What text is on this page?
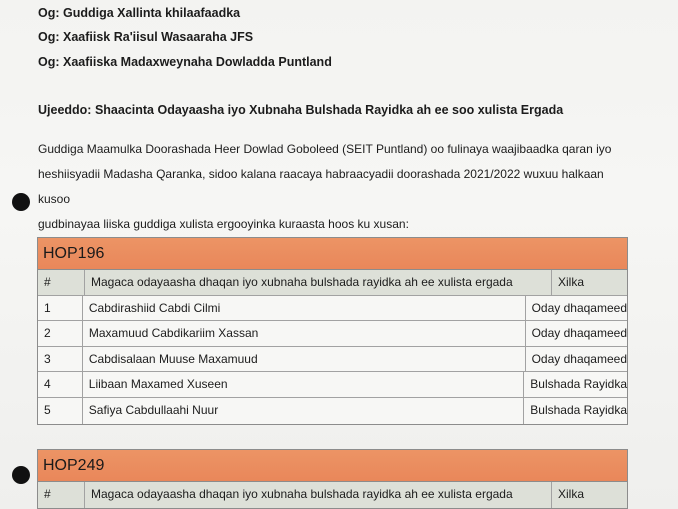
Og: Guddiga Xallinta khilaafaadka
Og: Xaafiisk Ra'iisul Wasaaraha JFS
Og: Xaafiiska Madaxweynaha Dowladda Puntland
Ujeeddo: Shaacinta Odayaasha iyo Xubnaha Bulshada Rayidka ah ee soo xulista Ergada
Guddiga Maamulka Doorashada Heer Dowlad Goboleed (SEIT Puntland) oo fulinaya waajibaadka qaran iyo
heshiisyadii Madasha Qaranka, sidoo kalana raacaya habraacyadii doorashada 2021/2022 wuxuu halkaan kusoo
gudbinayaa liiska guddiga xulista ergooyinka kuraasta hoos ku xusan:
HOP196
#	Magaca odayaasha dhaqan iyo xubnaha bulshada rayidka ah ee xulista ergada	Xilka
1	Cabdirashiid Cabdi Cilmi	Oday dhaqameed
2	Maxamuud Cabdikariim Xassan	Oday dhaqameed
3	Cabdisalaan Muuse Maxamuud	Oday dhaqameed
4	Liibaan Maxamed Xuseen	Bulshada Rayidka
5	Safiya Cabdullaahi Nuur	Bulshada Rayidka
HOP249
#	Magaca odayaasha dhaqan iyo xubnaha bulshada rayidka ah ee xulista ergada	Xilka
